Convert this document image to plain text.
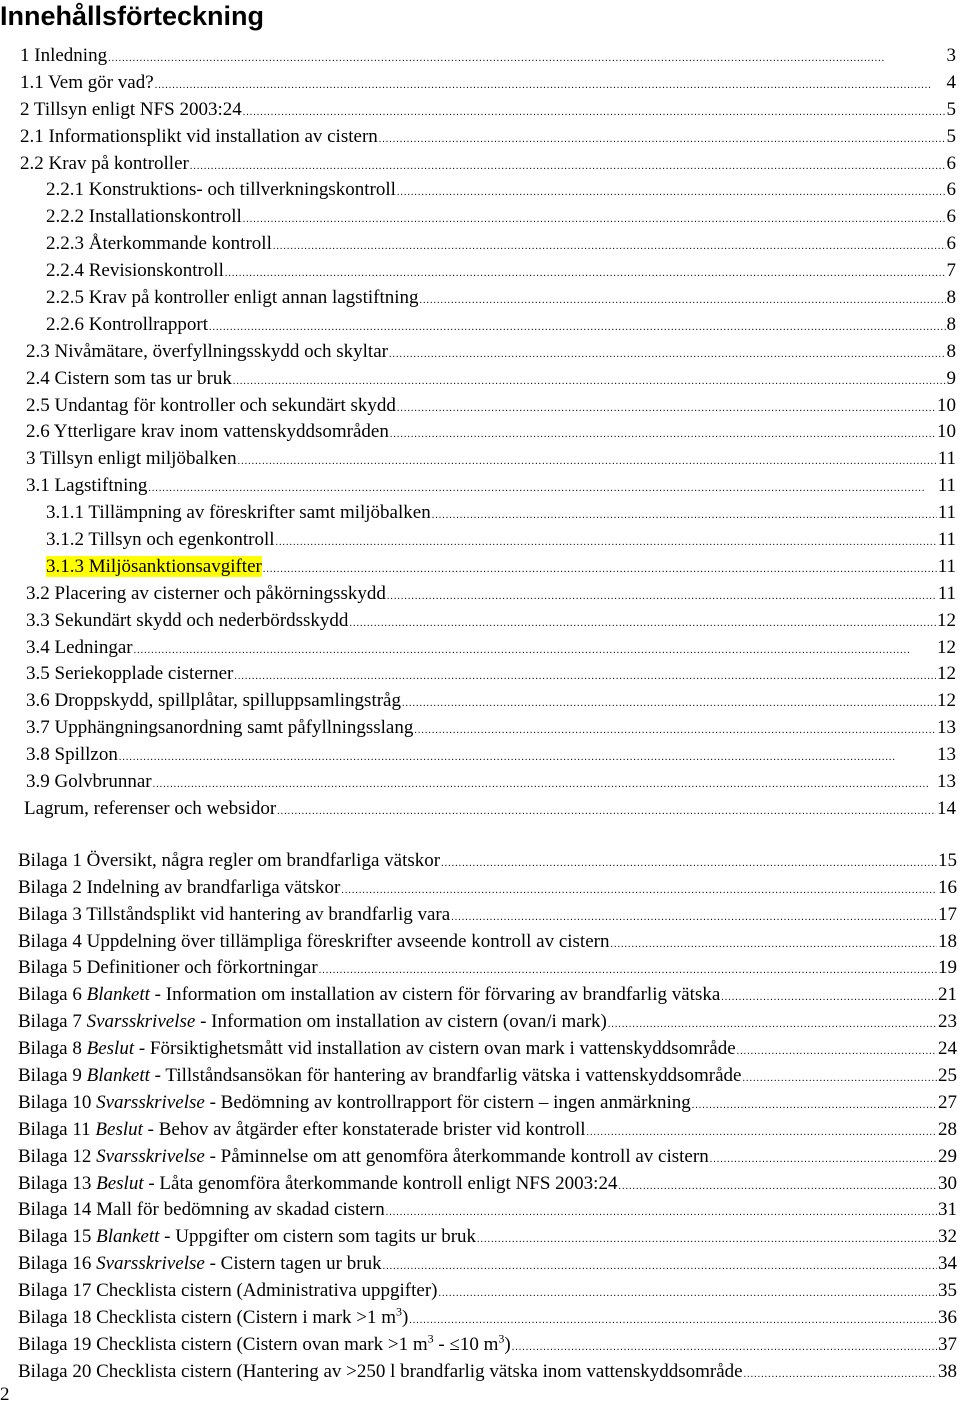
Innehållsförteckning
1 Inledning .....	3
1.1 Vem gör vad? .....	4
2 Tillsyn enligt NFS 2003:24 .....	5
2.1 Informationsplikt vid installation av cistern .....	5
2.2 Krav på kontroller .....	6
2.2.1 Konstruktions- och tillverkningskontroll .....	6
2.2.2 Installationskontroll .....	6
2.2.3 Återkommande kontroll .....	6
2.2.4 Revisionskontroll .....	7
2.2.5 Krav på kontroller enligt annan lagstiftning .....	8
2.2.6 Kontrollrapport .....	8
2.3 Nivåmätare, överfyllningsskydd och skyltar .....	8
2.4 Cistern som tas ur bruk .....	9
2.5 Undantag för kontroller och sekundärt skydd .....	10
2.6 Ytterligare krav inom vattenskyddsområden .....	10
3 Tillsyn enligt miljöbalken .....	11
3.1 Lagstiftning .....	11
3.1.1 Tillämpning av föreskrifter samt miljöbalken .....	11
3.1.2 Tillsyn och egenkontroll .....	11
3.1.3 Miljösanktionsavgifter .....	11
3.2 Placering av cisterner och påkörningsskydd .....	11
3.3 Sekundärt skydd och nederbördsskydd .....	12
3.4 Ledningar .....	12
3.5 Seriekopplade cisterner .....	12
3.6 Droppskydd, spillplåtar, spilluppsamlingstråg .....	12
3.7 Upphängningsanordning samt påfyllningsslang .....	13
3.8 Spillzon .....	13
3.9 Golvbrunnar .....	13
Lagrum, referenser och websidor .....	14
Bilaga 1 Översikt, några regler om brandfarliga vätskor .....	15
Bilaga 2 Indelning av brandfarliga vätskor .....	16
Bilaga 3 Tillståndsplikt vid hantering av brandfarlig vara .....	17
Bilaga 4 Uppdelning över tillämpliga föreskrifter avseende kontroll av cistern .....	18
Bilaga 5 Definitioner och förkortningar .....	19
Bilaga 6 Blankett - Information om installation av cistern för förvaring av brandfarlig vätska .....	21
Bilaga 7 Svarsskrivelse - Information om installation av cistern (ovan/i mark) .....	23
Bilaga 8 Beslut - Försiktighetsmått vid installation av cistern ovan mark i vattenskyddsområde .....	24
Bilaga 9 Blankett - Tillståndsansökan för hantering av brandfarlig vätska i vattenskyddsområde .....	25
Bilaga 10 Svarsskrivelse - Bedömning av kontrollrapport för cistern – ingen anmärkning .....	27
Bilaga 11 Beslut - Behov av åtgärder efter konstaterade brister vid kontroll .....	28
Bilaga 12 Svarsskrivelse - Påminnelse om att genomföra återkommande kontroll av cistern .....	29
Bilaga 13 Beslut - Låta genomföra återkommande kontroll enligt NFS 2003:24 .....	30
Bilaga 14 Mall för bedömning av skadad cistern .....	31
Bilaga 15 Blankett - Uppgifter om cistern som tagits ur bruk .....	32
Bilaga 16 Svarsskrivelse - Cistern tagen ur bruk .....	34
Bilaga 17 Checklista cistern (Administrativa uppgifter) .....	35
Bilaga 18 Checklista cistern (Cistern i mark >1 $m^3$) .....	36
Bilaga 19 Checklista cistern (Cistern ovan mark >1 $m^3 - \le 10$ $m^3$) .....	37
Bilaga 20 Checklista cistern (Hantering av >250 l brandfarlig vätska inom vattenskyddsområde .....	38
2
